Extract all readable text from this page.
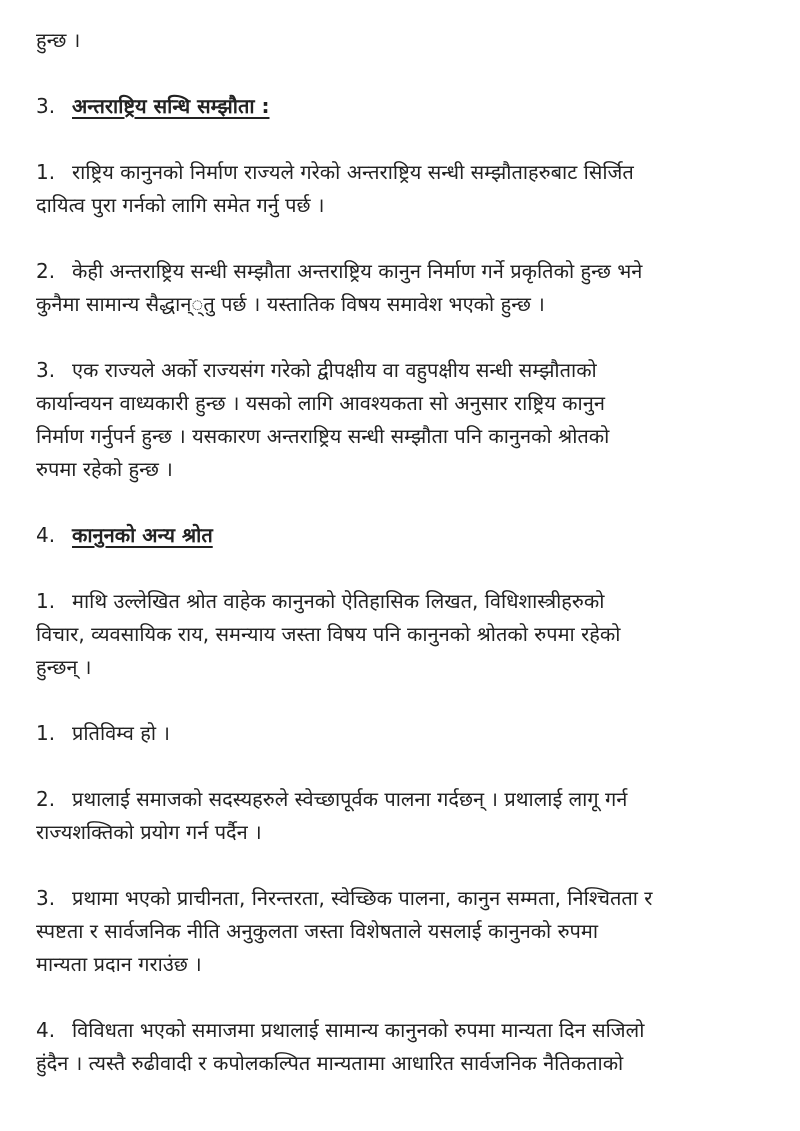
हुन्छ ।
3. अन्तराष्ट्रिय सन्धि सम्झौता :
1. राष्ट्रिय कानुनको निर्माण राज्यले गरेको अन्तराष्ट्रिय सन्धी सम्झौताहरुबाट सिर्जित
दायित्व पुरा गर्नको लागि समेत गर्नु पर्छ ।
2. केही अन्तराष्ट्रिय सन्धी सम्झौता अन्तराष्ट्रिय कानुन निर्माण गर्ने प्रकृतिको हुन्छ भने
कुनैमा सामान्य सैद्धान््तु पर्छ । यस्तातिक विषय समावेश भएको हुन्छ ।
3. एक राज्यले अर्को राज्यसंग गरेको द्वीपक्षीय वा वहुपक्षीय सन्धी सम्झौताको
कार्यान्वयन वाध्यकारी हुन्छ । यसको लागि आवश्यकता सो अनुसार राष्ट्रिय कानुन
निर्माण गर्नुपर्न हुन्छ । यसकारण अन्तराष्ट्रिय सन्धी सम्झौता पनि कानुनको श्रोतको
रुपमा रहेको हुन्छ ।
4. कानुनको अन्य श्रोत
1. माथि उल्लेखित श्रोत वाहेक कानुनको ऐतिहासिक लिखत, विधिशास्त्रीहरुको
विचार, व्यवसायिक राय, समन्याय जस्ता विषय पनि कानुनको श्रोतको रुपमा रहेको
हुन्छन् ।
1. प्रतिविम्व हो ।
2. प्रथालाई समाजको सदस्यहरुले स्वेच्छापूर्वक पालना गर्दछन् । प्रथालाई लागू गर्न
राज्यशक्तिको प्रयोग गर्न पर्दैन ।
3. प्रथामा भएको प्राचीनता, निरन्तरता, स्वेच्छिक पालना, कानुन सम्मता, निश्चितता र
स्पष्टता र सार्वजनिक नीति अनुकुलता जस्ता विशेषताले यसलाई कानुनको रुपमा
मान्यता प्रदान गराउंछ ।
4. विविधता भएको समाजमा प्रथालाई सामान्य कानुनको रुपमा मान्यता दिन सजिलो
हुंदैन । त्यस्तै रुढीवादी र कपोलकल्पित मान्यतामा आधारित सार्वजनिक नैतिकताको
